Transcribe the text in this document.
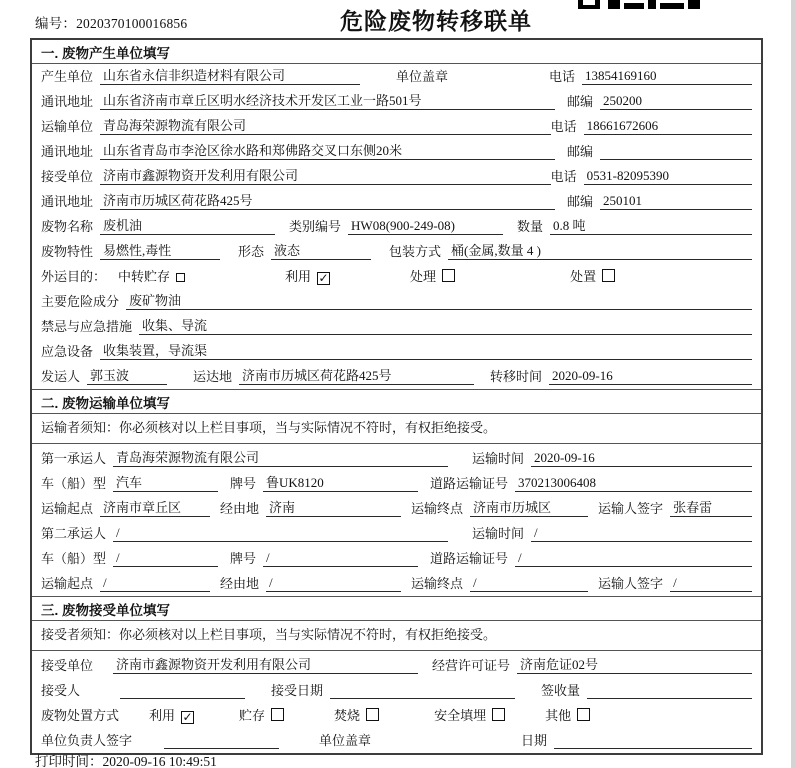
编号：2020370100016856	危险废物转移联单
一. 废物产生单位填写
产生单位 山东省永信非织造材料有限公司	单位盖章	电话 13854169160
通讯地址 山东省济南市章丘区明水经济技术开发区工业一路501号	邮编 250200
运输单位 青岛海荣源物流有限公司	电话 18661672606
通讯地址 山东省青岛市李沧区徐水路和郑佛路交叉口东侧20米	邮编
接受单位 济南市鑫源物资开发利用有限公司	电话 0531-82095390
通讯地址 济南市历城区荷花路425号	邮编 250101
废物名称 废机油	类别编号 HW08(900-249-08)	数量 0.8 吨
废物特性 易燃性,毒性	形态 液态	包装方式 桶(金属,数量 4 )
外运目的： 中转贮存	利用 ✓	处理	处置
主要危险成分 废矿物油
禁忌与应急措施 收集、导流
应急设备 收集装置，导流渠
发运人 郭玉波	运达地 济南市历城区荷花路425号	转移时间 2020-09-16
二. 废物运输单位填写
运输者须知：你必须核对以上栏目事项，当与实际情况不符时，有权拒绝接受。
第一承运人 青岛海荣源物流有限公司	运输时间 2020-09-16
车（船）型 汽车	牌号 鲁UK8120	道路运输证号 370213006408
运输起点 济南市章丘区	经由地 济南	运输终点 济南市历城区	运输人签字 张春雷
第二承运人 /	运输时间 /
车（船）型 /	牌号 /	道路运输证号 /
运输起点 /	经由地 /	运输终点 /	运输人签字 /
三. 废物接受单位填写
接受者须知：你必须核对以上栏目事项，当与实际情况不符时，有权拒绝接受。
接受单位 济南市鑫源物资开发利用有限公司	经营许可证号 济南危证02号
接受人	接受日期	签收量
废物处置方式 利用 ✓	贮存	焚烧	安全填埋	其他
单位负责人签字	单位盖章	日期
打印时间：2020-09-16 10:49:51
